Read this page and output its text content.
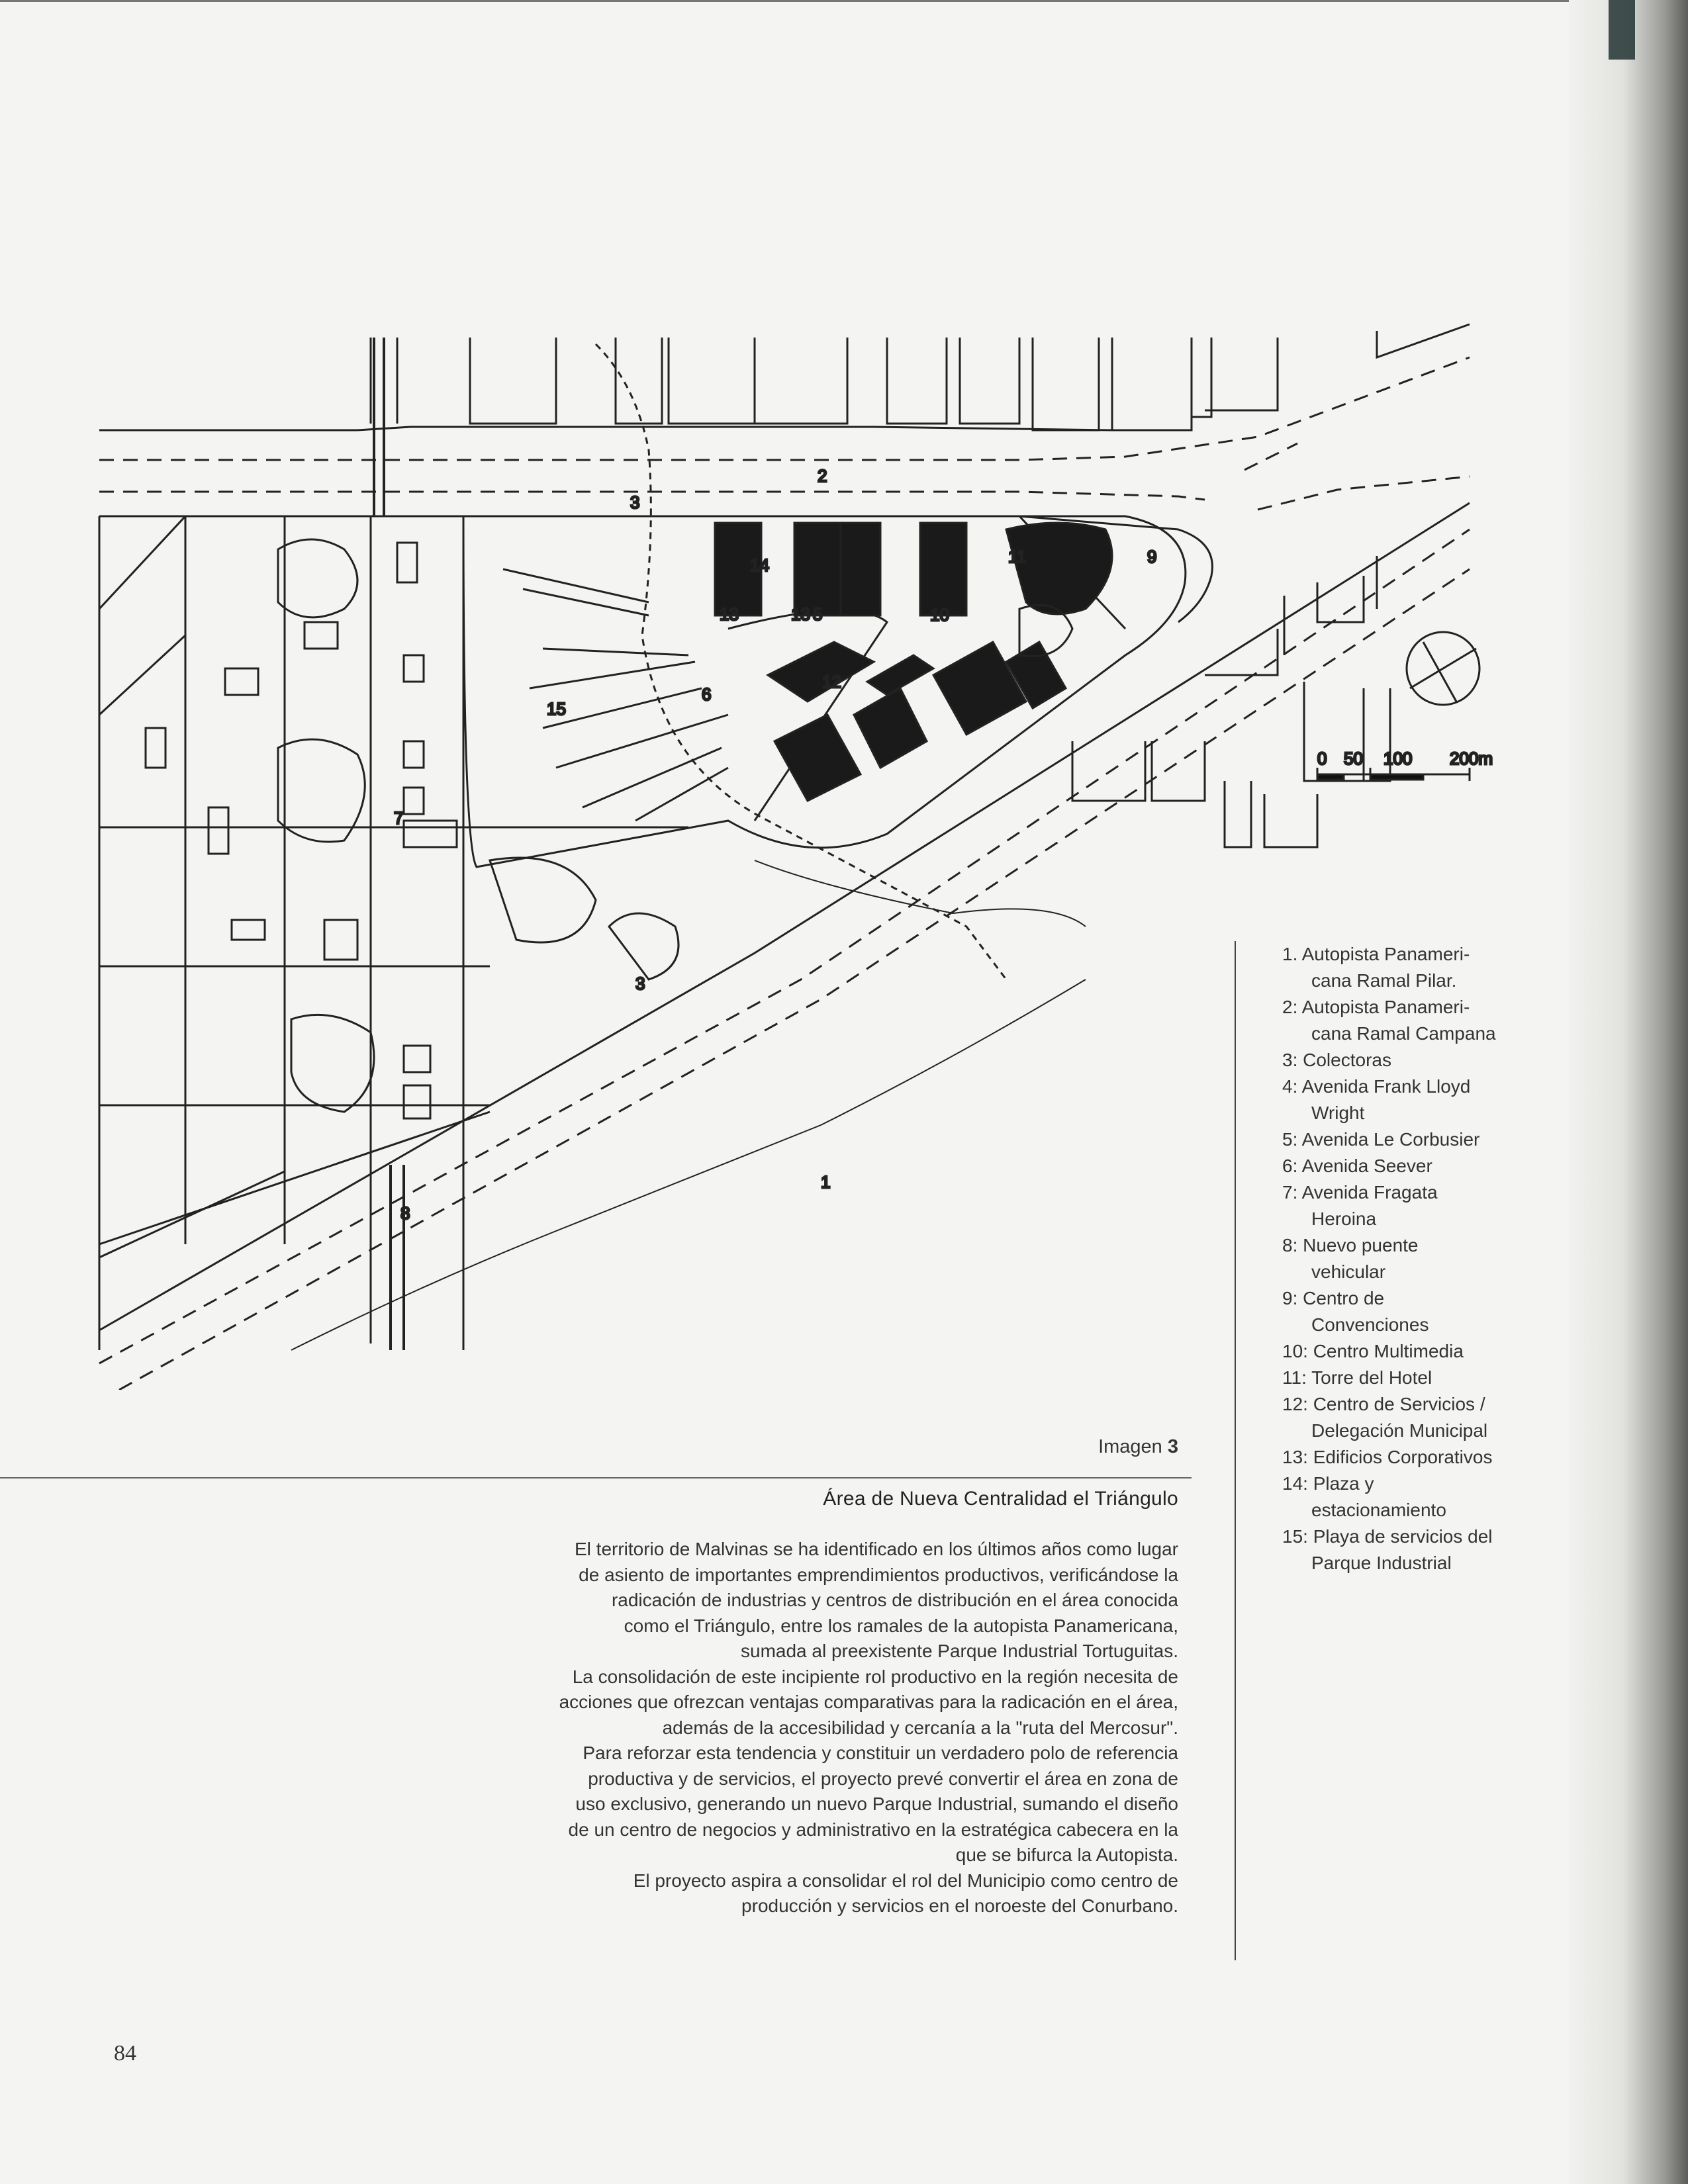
0 50 100 200m
1
2
3
3
5
6
7
8
9
10
11
12
13	13
14
15
1. Autopista Panameri-
cana Ramal Pilar.
2: Autopista Panameri-
cana Ramal Campana
3: Colectoras
4: Avenida Frank Lloyd
Wright
5: Avenida Le Corbusier
6: Avenida Seever
7: Avenida Fragata
Heroina
8: Nuevo puente
vehicular
9: Centro de
Convenciones
10: Centro Multimedia
11: Torre del Hotel
12: Centro de Servicios /
Delegación Municipal
13: Edificios Corporativos
14: Plaza y
estacionamiento
15: Playa de servicios del
Parque Industrial
Imagen 3
Área de Nueva Centralidad el Triángulo
El territorio de Malvinas se ha identificado en los últimos años como lugar
de asiento de importantes emprendimientos productivos, verificándose la
radicación de industrias y centros de distribución en el área conocida
como el Triángulo, entre los ramales de la autopista Panamericana,
sumada al preexistente Parque Industrial Tortuguitas.
La consolidación de este incipiente rol productivo en la región necesita de
acciones que ofrezcan ventajas comparativas para la radicación en el área,
además de la accesibilidad y cercanía a la "ruta del Mercosur".
Para reforzar esta tendencia y constituir un verdadero polo de referencia
productiva y de servicios, el proyecto prevé convertir el área en zona de
uso exclusivo, generando un nuevo Parque Industrial, sumando el diseño
de un centro de negocios y administrativo en la estratégica cabecera en la
que se bifurca la Autopista.
El proyecto aspira a consolidar el rol del Municipio como centro de
producción y servicios en el noroeste del Conurbano.
84
